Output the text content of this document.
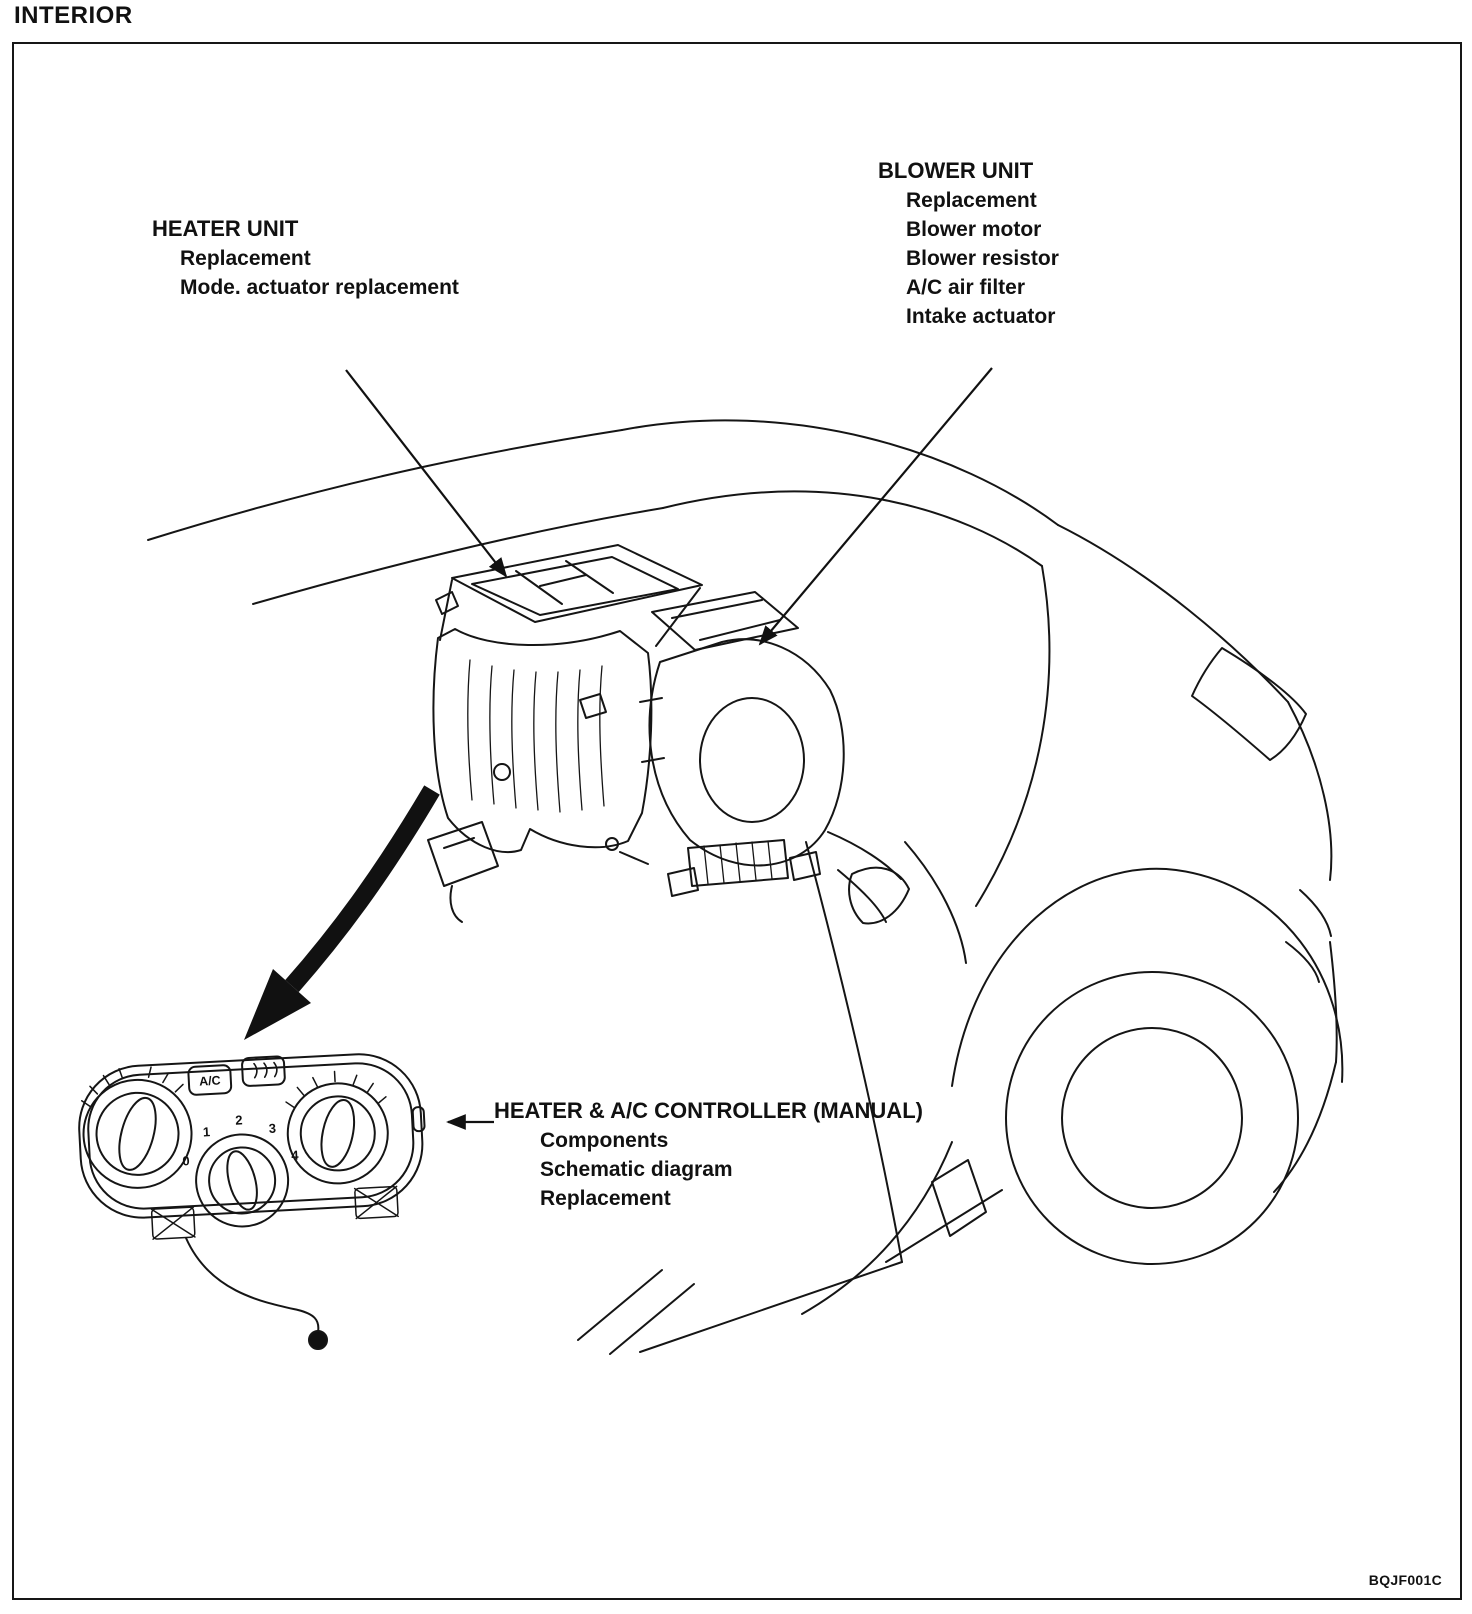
INTERIOR
0
1
2
3
4
A/C
HEATER UNIT
Replacement
Mode. actuator replacement
BLOWER UNIT
Replacement
Blower motor
Blower resistor
A/C air filter
Intake actuator
HEATER & A/C CONTROLLER (MANUAL)
Components
Schematic diagram
Replacement
BQJF001C
